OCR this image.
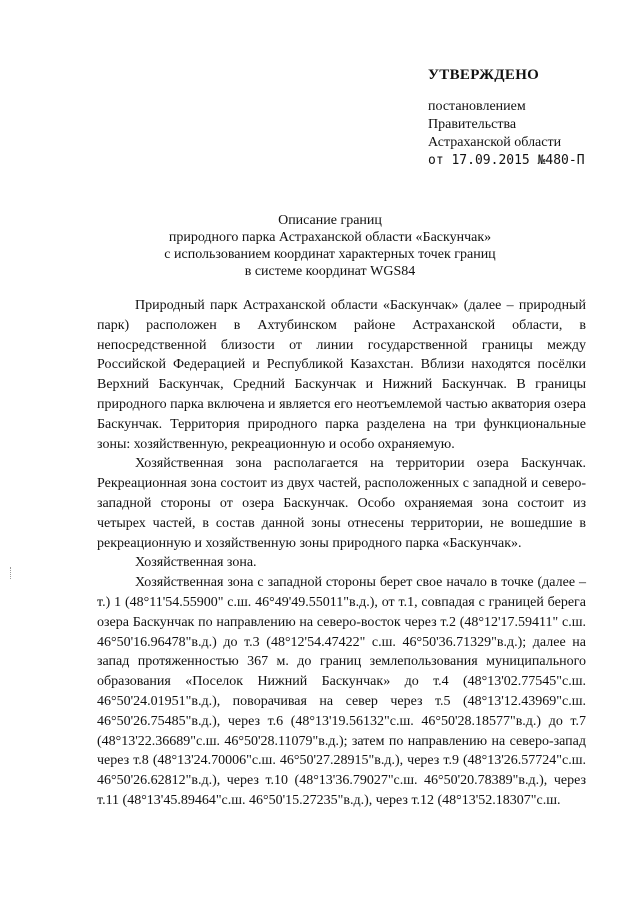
УТВЕРЖДЕНО
постановлением
Правительства
Астраханской области
от 17.09.2015 №480-П
Описание границ
природного парка Астраханской области «Баскунчак»
с использованием координат характерных точек границ
в системе координат WGS84

Природный парк Астраханской области «Баскунчак» (далее – природный парк) расположен в Ахтубинском районе Астраханской области, в непосредственной близости от линии государственной границы между Российской Федерацией и Республикой Казахстан. Вблизи находятся посёлки Верхний Баскунчак, Средний Баскунчак и Нижний Баскунчак. В границы природного парка включена и является его неотъемлемой частью акватория озера Баскунчак. Территория природного парка разделена на три функциональные зоны: хозяйственную, рекреационную и особо охраняемую.

Хозяйственная зона располагается на территории озера Баскунчак. Рекреационная зона состоит из двух частей, расположенных с западной и северо-западной стороны от озера Баскунчак. Особо охраняемая зона состоит из четырех частей, в состав данной зоны отнесены территории, не вошедшие в рекреационную и хозяйственную зоны природного парка «Баскунчак».

Хозяйственная зона.

Хозяйственная зона с западной стороны берет свое начало в точке (далее – т.) 1 (48°11'54.55900" с.ш. 46°49'49.55011"в.д.), от т.1, совпадая с границей берега озера Баскунчак по направлению на северо-восток через т.2 (48°12'17.59411" с.ш. 46°50'16.96478"в.д.) до т.3 (48°12'54.47422" с.ш. 46°50'36.71329"в.д.); далее на запад протяженностью 367 м. до границ землепользования муниципального образования «Поселок Нижний Баскунчак» до т.4 (48°13'02.77545"с.ш. 46°50'24.01951"в.д.), поворачивая на север через т.5 (48°13'12.43969"с.ш. 46°50'26.75485"в.д.), через т.6 (48°13'19.56132"с.ш. 46°50'28.18577"в.д.) до т.7 (48°13'22.36689"с.ш. 46°50'28.11079"в.д.); затем по направлению на северо-запад через т.8 (48°13'24.70006"с.ш. 46°50'27.28915"в.д.), через т.9 (48°13'26.57724"с.ш. 46°50'26.62812"в.д.), через т.10 (48°13'36.79027"с.ш. 46°50'20.78389"в.д.), через т.11 (48°13'45.89464"с.ш. 46°50'15.27235"в.д.), через т.12 (48°13'52.18307"с.ш.
